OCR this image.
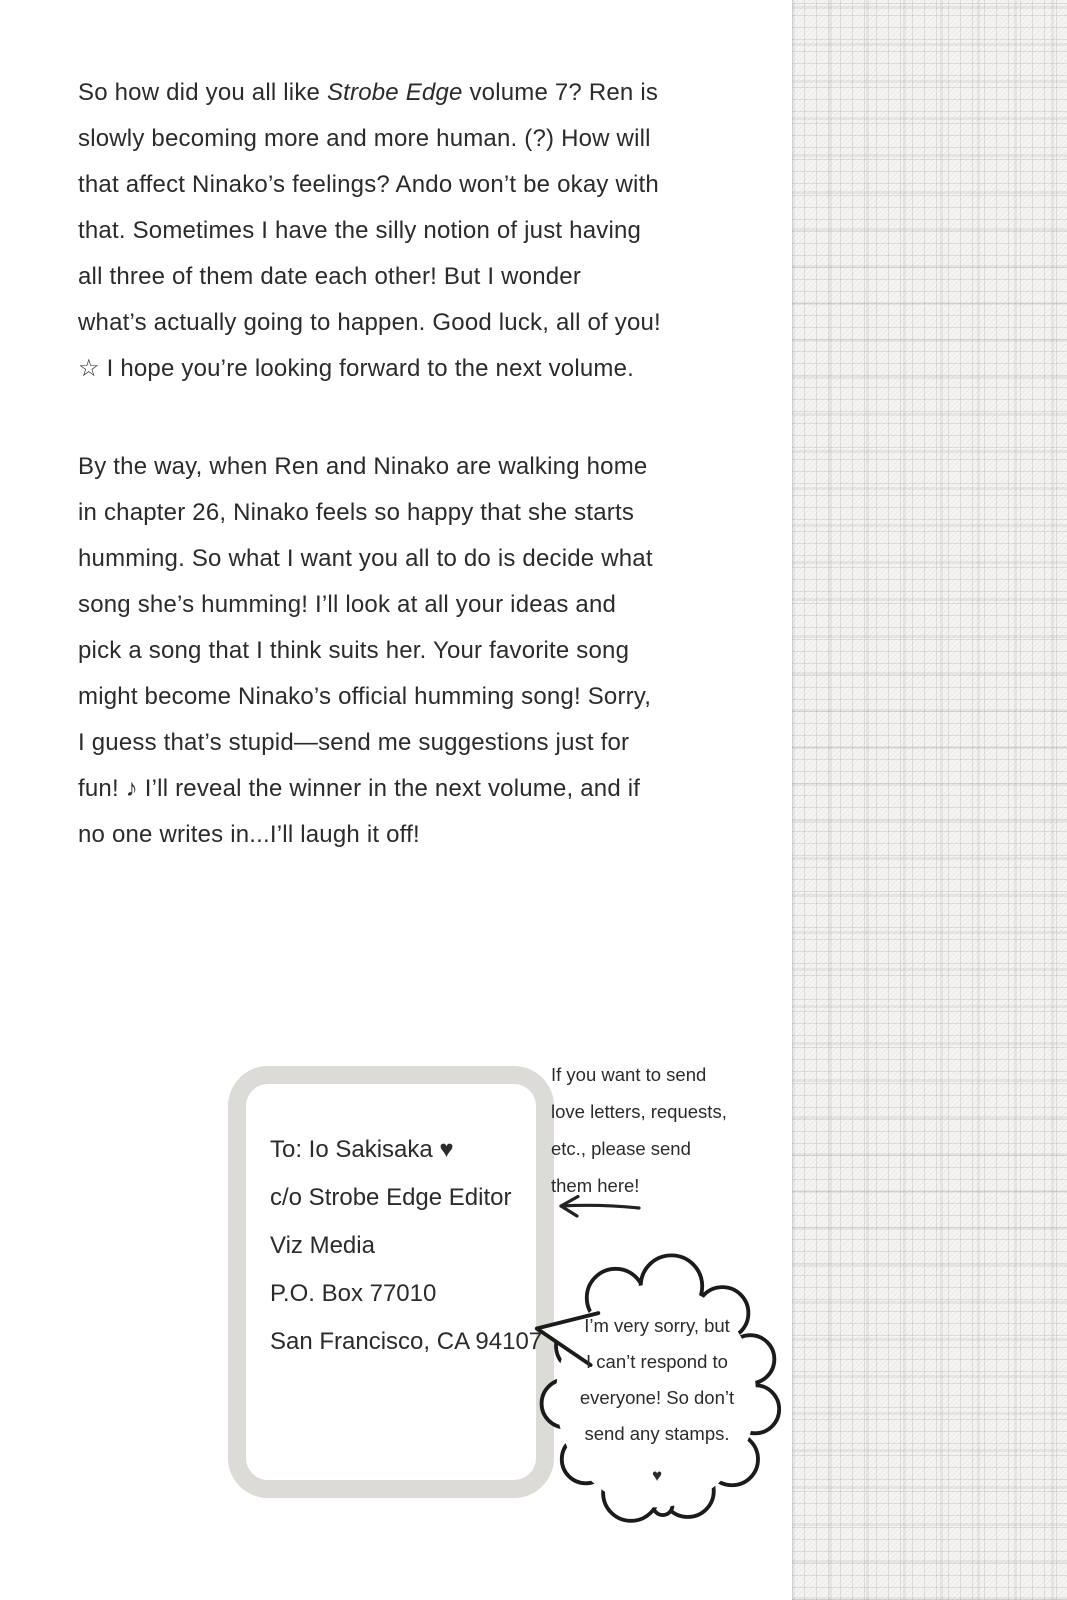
So how did you all like Strobe Edge volume 7? Ren is
slowly becoming more and more human. (?) How will
that affect Ninako’s feelings? Ando won’t be okay with
that. Sometimes I have the silly notion of just having
all three of them date each other! But I wonder
what’s actually going to happen. Good luck, all of you!
☆ I hope you’re looking forward to the next volume.
By the way, when Ren and Ninako are walking home
in chapter 26, Ninako feels so happy that she starts
humming. So what I want you all to do is decide what
song she’s humming! I’ll look at all your ideas and
pick a song that I think suits her. Your favorite song
might become Ninako’s official humming song! Sorry,
I guess that’s stupid—send me suggestions just for
fun! ♪ I’ll reveal the winner in the next volume, and if
no one writes in...I’ll laugh it off!
To: Io Sakisaka ♥
c/o Strobe Edge Editor
Viz Media
P.O. Box 77010
San Francisco, CA 94107
If you want to send
love letters, requests,
etc., please send
them here!
I’m very sorry, but
I can’t respond to
everyone! So don’t
send any stamps.
♥
